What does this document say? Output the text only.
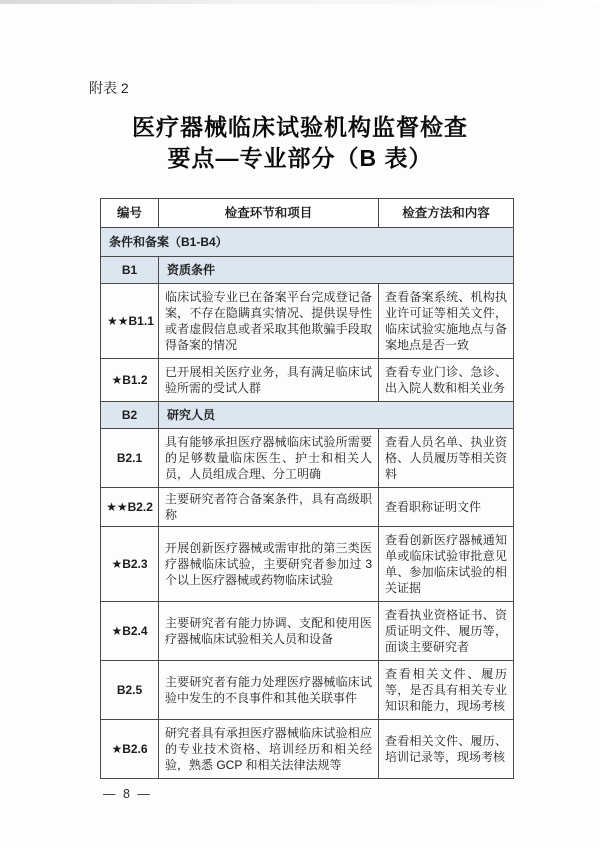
附表 2
医疗器械临床试验机构监督检查
要点—专业部分（B 表）
编号	检查环节和项目	检查方法和内容
条件和备案（B1-B4）		
B1	资质条件	
★★B1.1	临床试验专业已在备案平台完成登记备案，不存在隐瞒真实情况、提供误导性或者虚假信息或者采取其他欺骗手段取得备案的情况	查看备案系统、机构执业许可证等相关文件，临床试验实施地点与备案地点是否一致
★B1.2	已开展相关医疗业务，具有满足临床试验所需的受试人群	查看专业门诊、急诊、出入院人数和相关业务
B2	研究人员	
B2.1	具有能够承担医疗器械临床试验所需要的足够数量临床医生、护士和相关人员，人员组成合理、分工明确	查看人员名单、执业资格、人员履历等相关资料
★★B2.2	主要研究者符合备案条件，具有高级职称	查看职称证明文件
★B2.3	开展创新医疗器械或需审批的第三类医疗器械临床试验，主要研究者参加过 3 个以上医疗器械或药物临床试验	查看创新医疗器械通知单或临床试验审批意见单、参加临床试验的相关证据
★B2.4	主要研究者有能力协调、支配和使用医疗器械临床试验相关人员和设备	查看执业资格证书、资质证明文件、履历等，面谈主要研究者
B2.5	主要研究者有能力处理医疗器械临床试验中发生的不良事件和其他关联事件	查看相关文件、履历等，是否具有相关专业知识和能力，现场考核
★B2.6	研究者具有承担医疗器械临床试验相应的专业技术资格、培训经历和相关经验，熟悉 GCP 和相关法律法规等	查看相关文件、履历、培训记录等，现场考核
— 8 —
